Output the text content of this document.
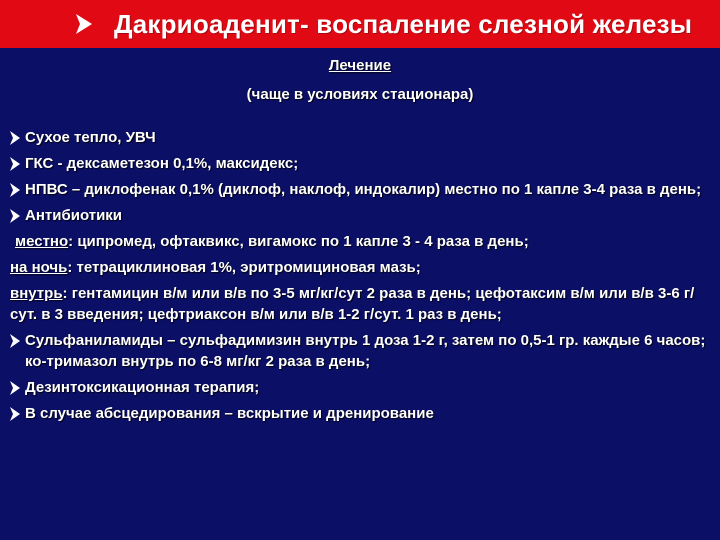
Дакриоаденит- воспаление слезной железы
Лечение
(чаще в условиях стационара)
Сухое тепло, УВЧ
ГКС - дексаметезон 0,1%, максидекс;
НПВС – диклофенак 0,1% (диклоф, наклоф, индокалир) местно по 1 капле 3-4 раза в день;
Антибиотики
местно: ципромед, офтаквикс, вигамокс по 1 капле 3 - 4 раза в день;
на ночь: тетрациклиновая 1%, эритромициновая мазь;
внутрь: гентамицин в/м или в/в по 3-5 мг/кг/сут 2 раза в день; цефотаксим в/м или в/в 3-6 г/сут. в 3 введения; цефтриаксон в/м или в/в 1-2 г/сут. 1 раз в день;
Сульфаниламиды – сульфадимизин внутрь 1 доза 1-2 г, затем по 0,5-1 гр. каждые 6 часов; ко-тримазол внутрь по 6-8 мг/кг 2 раза в день;
Дезинтоксикационная терапия;
В случае абсцедирования – вскрытие и дренирование
